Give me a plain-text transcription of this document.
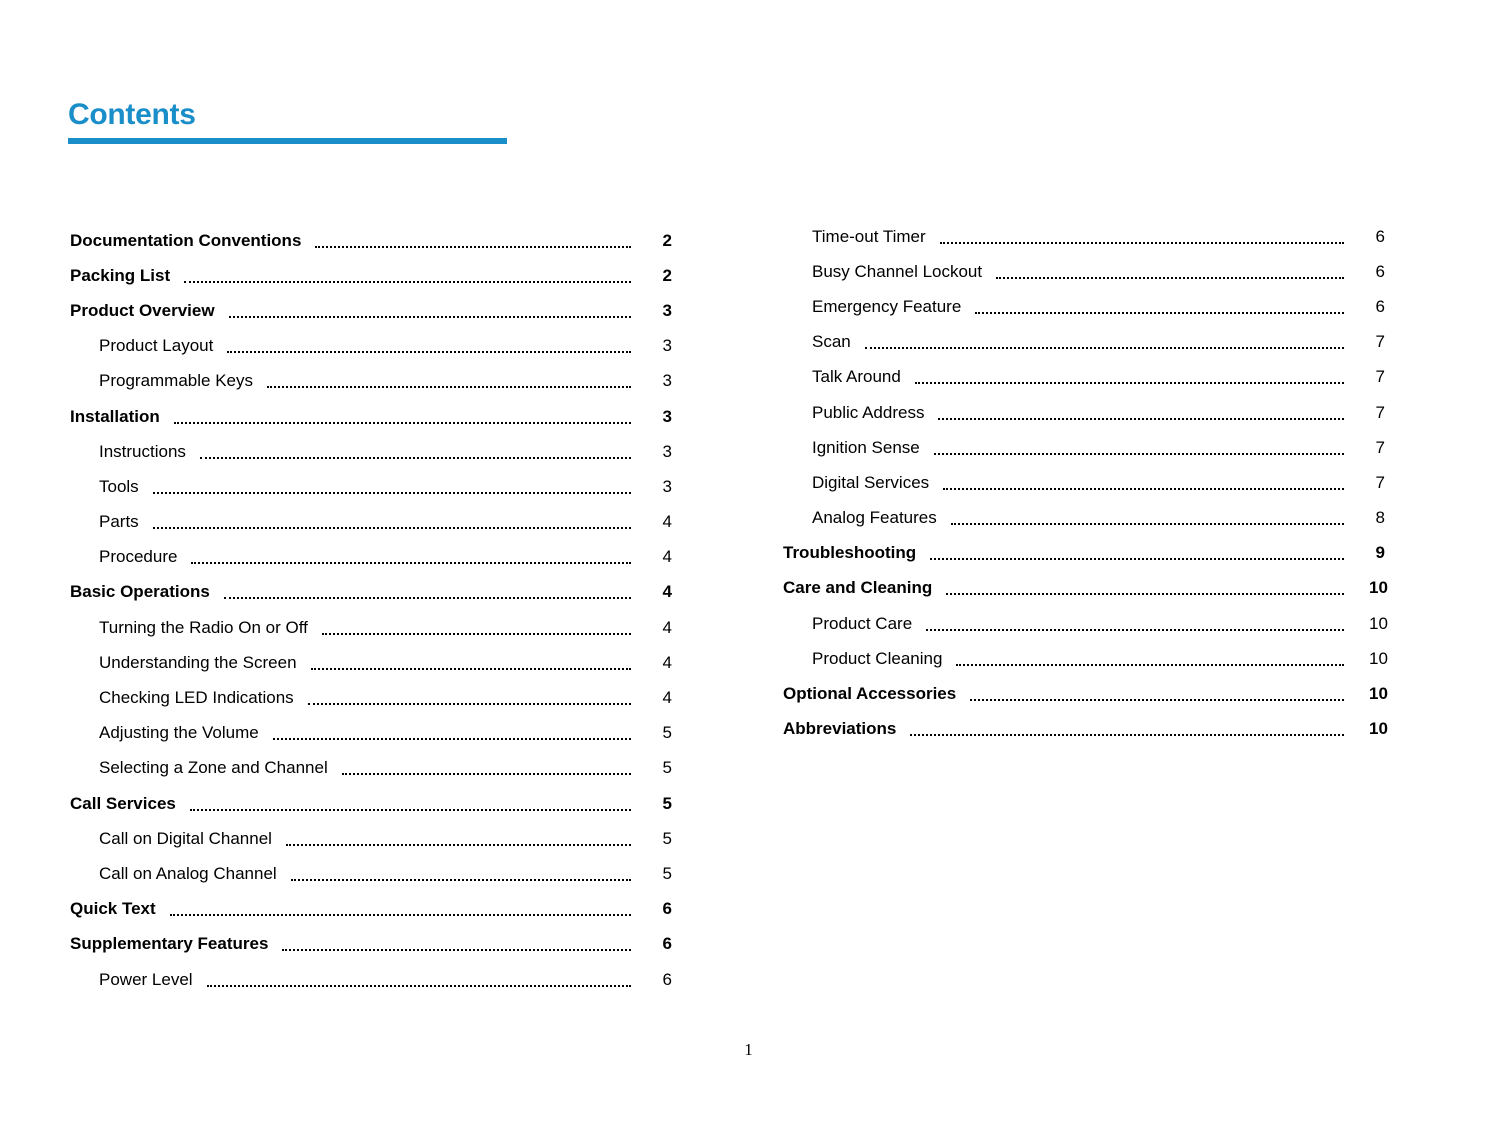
Contents
Documentation Conventions	2
Packing List	2
Product Overview	3
Product Layout	3
Programmable Keys	3
Installation	3
Instructions	3
Tools	3
Parts	4
Procedure	4
Basic Operations	4
Turning the Radio On or Off	4
Understanding the Screen	4
Checking LED Indications	4
Adjusting the Volume	5
Selecting a Zone and Channel	5
Call Services	5
Call on Digital Channel	5
Call on Analog Channel	5
Quick Text	6
Supplementary Features	6
Power Level	6
Time-out Timer	6
Busy Channel Lockout	6
Emergency Feature	6
Scan	7
Talk Around	7
Public Address	7
Ignition Sense	7
Digital Services	7
Analog Features	8
Troubleshooting	9
Care and Cleaning	10
Product Care	10
Product Cleaning	10
Optional Accessories	10
Abbreviations	10
1
